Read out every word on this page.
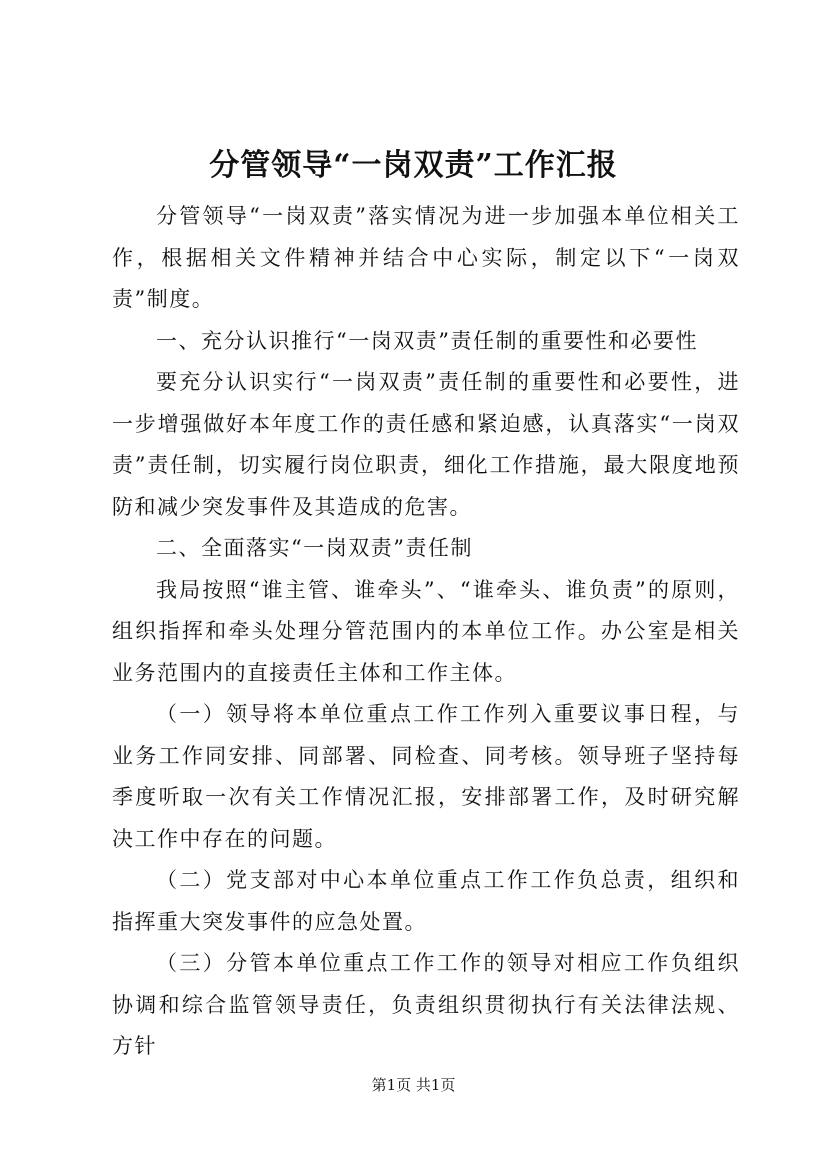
分管领导“一岗双责”工作汇报

分管领导“一岗双责”落实情况为进一步加强本单位相关工作，根据相关文件精神并结合中心实际，制定以下“一岗双责”制度。

一、充分认识推行“一岗双责”责任制的重要性和必要性

要充分认识实行“一岗双责”责任制的重要性和必要性，进一步增强做好本年度工作的责任感和紧迫感，认真落实“一岗双责”责任制，切实履行岗位职责，细化工作措施，最大限度地预防和减少突发事件及其造成的危害。

二、全面落实“一岗双责”责任制

我局按照“谁主管、谁牵头”、“谁牵头、谁负责”的原则，组织指挥和牵头处理分管范围内的本单位工作。办公室是相关业务范围内的直接责任主体和工作主体。

（一）领导将本单位重点工作工作列入重要议事日程，与业务工作同安排、同部署、同检查、同考核。领导班子坚持每季度听取一次有关工作情况汇报，安排部署工作，及时研究解决工作中存在的问题。

（二）党支部对中心本单位重点工作工作负总责，组织和指挥重大突发事件的应急处置。

（三）分管本单位重点工作工作的领导对相应工作负组织协调和综合监管领导责任，负责组织贯彻执行有关法律法规、方针

第1页 共1页
